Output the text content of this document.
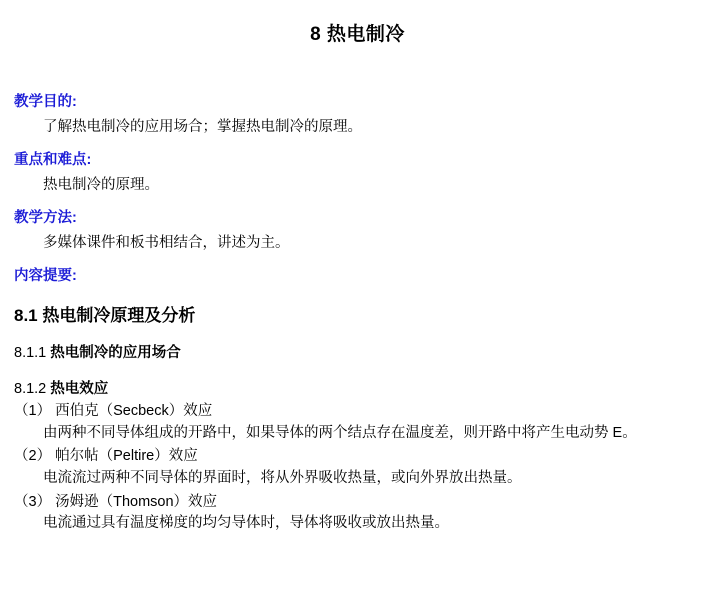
8 热电制冷
教学目的:
了解热电制冷的应用场合；掌握热电制冷的原理。
重点和难点:
热电制冷的原理。
教学方法:
多媒体课件和板书相结合，讲述为主。
内容提要:
8.1 热电制冷原理及分析
8.1.1 热电制冷的应用场合
8.1.2 热电效应
（1） 西伯克（Secbeck）效应
由两种不同导体组成的开路中，如果导体的两个结点存在温度差，则开路中将产生电动势 E。
（2） 帕尔帖（Peltire）效应
电流流过两种不同导体的界面时，将从外界吸收热量，或向外界放出热量。
（3） 汤姆逊（Thomson）效应
电流通过具有温度梯度的均匀导体时，导体将吸收或放出热量。
